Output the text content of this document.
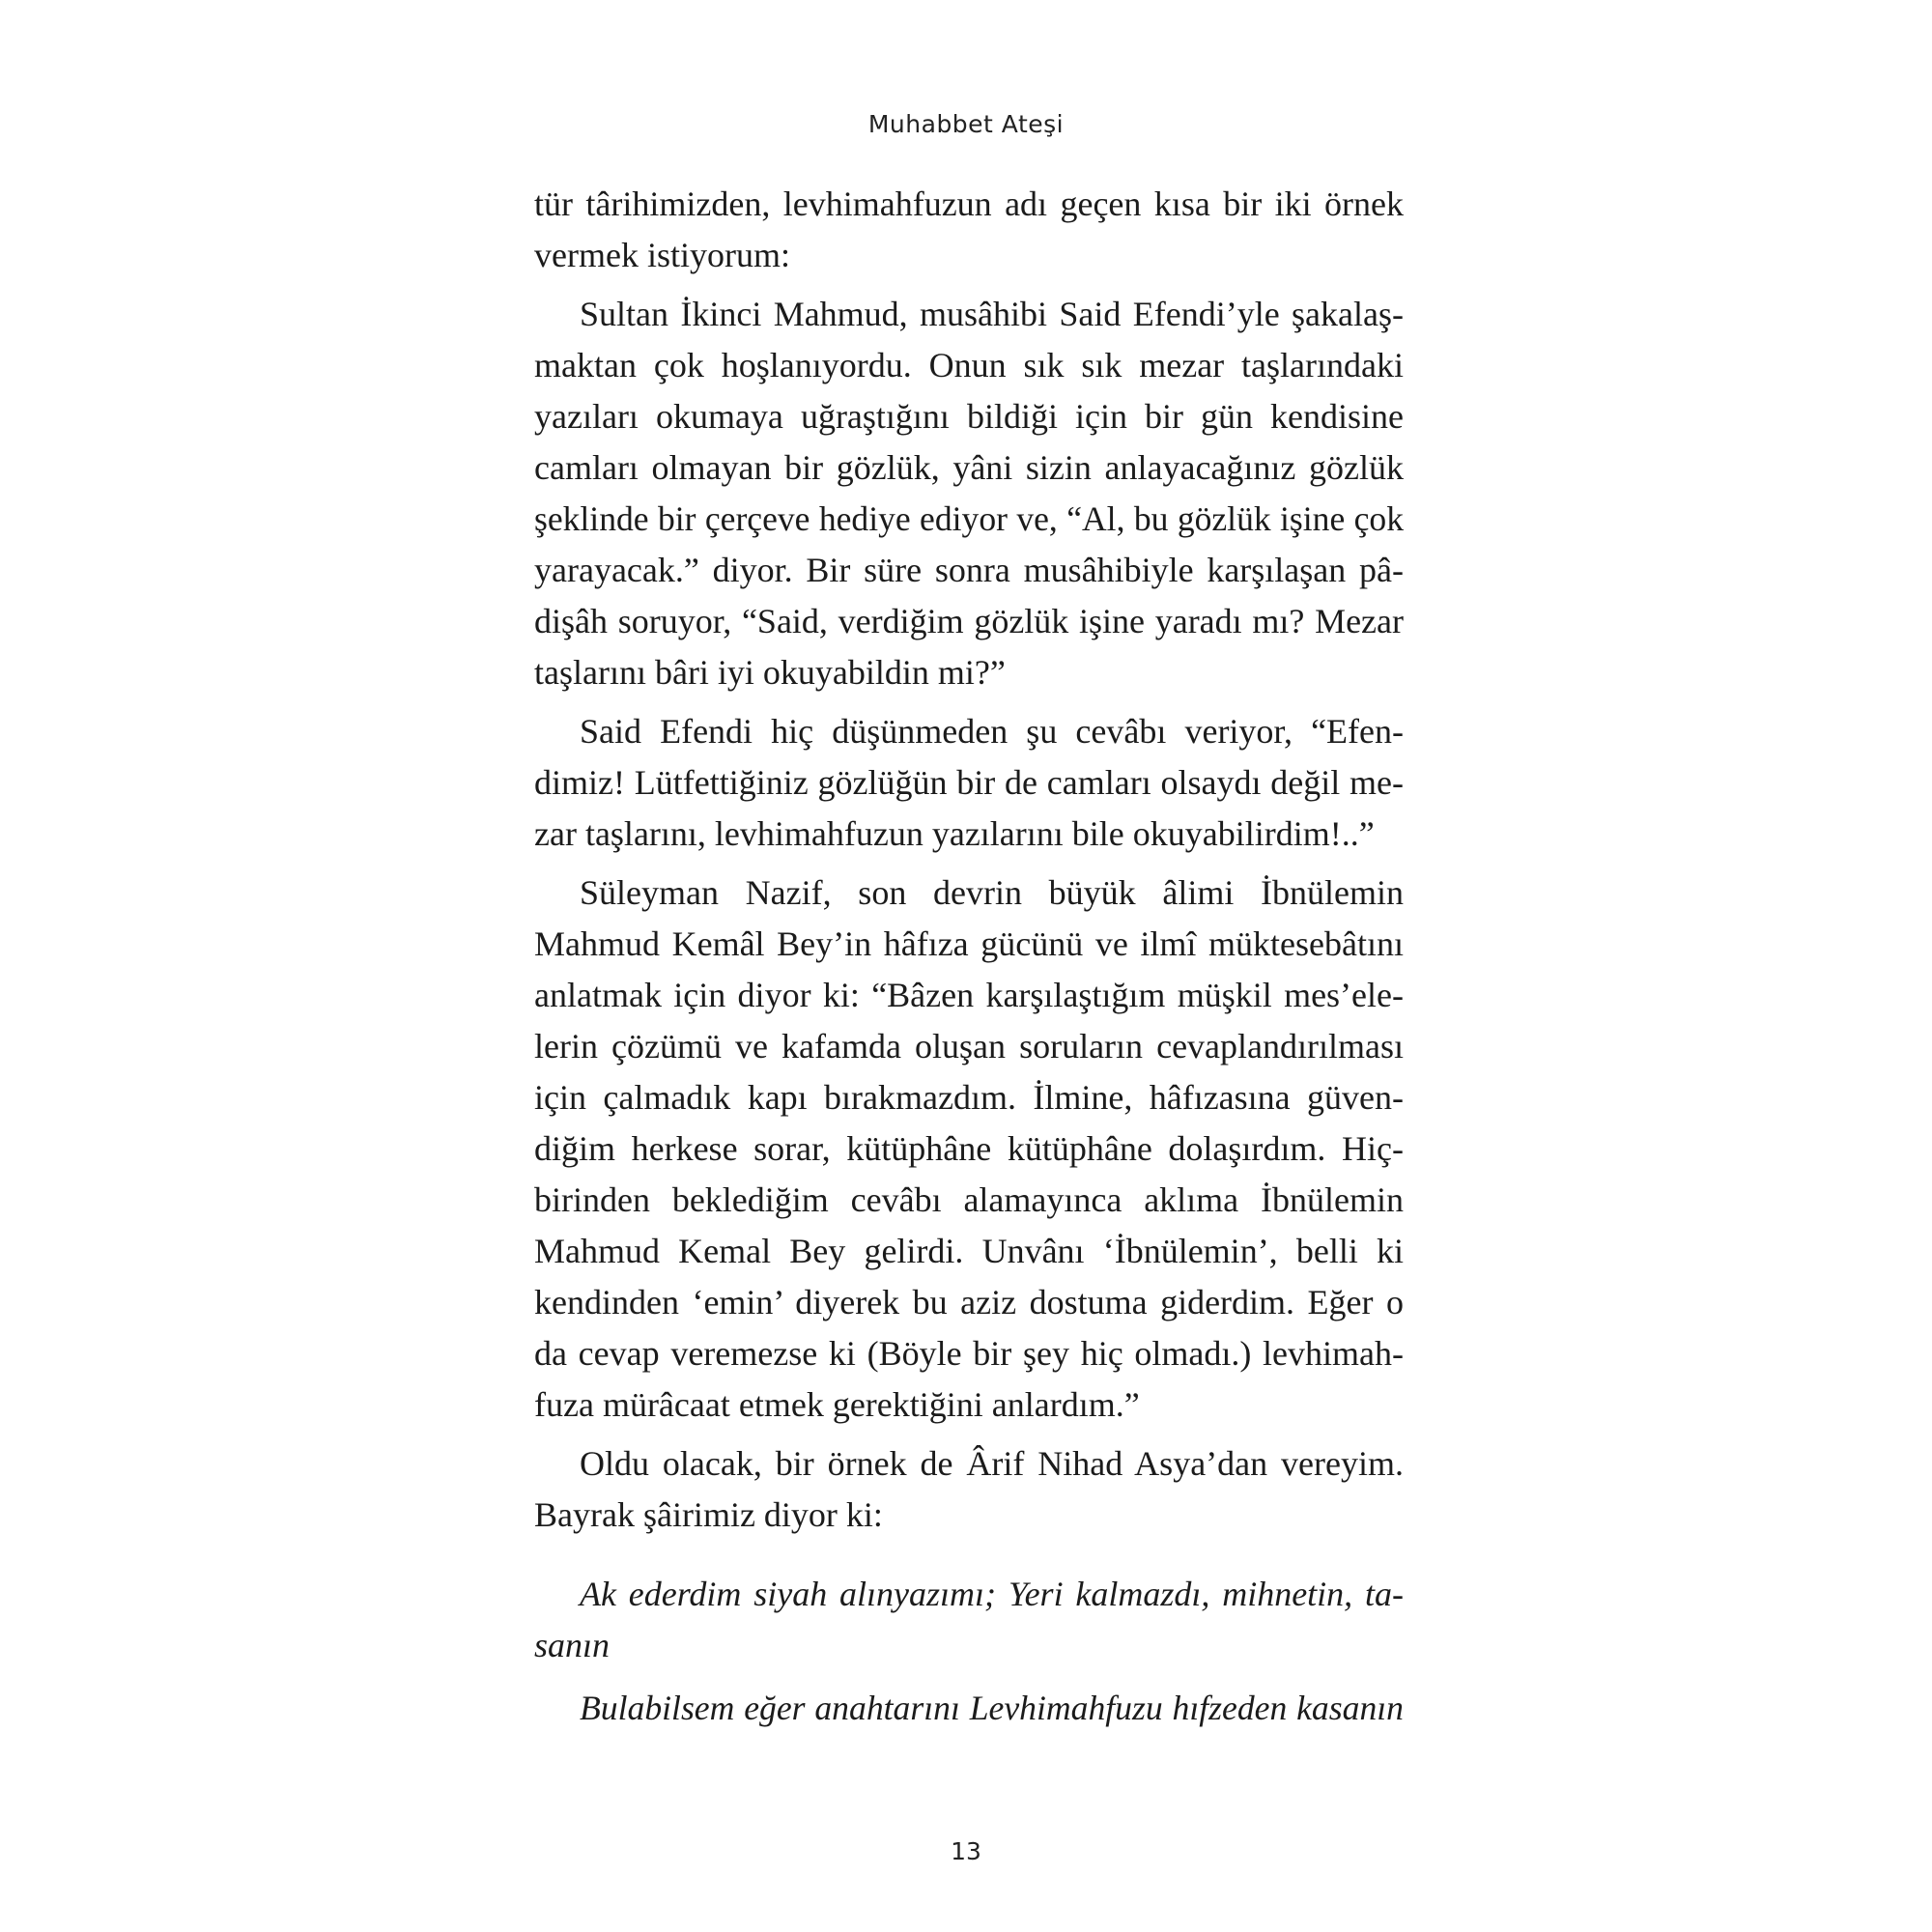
Muhabbet Ateşi
tür târihimizden, levhimahfuzun adı geçen kısa bir iki örnek
vermek istiyorum:
Sultan İkinci Mahmud, musâhibi Said Efendi’yle şakalaş-
maktan çok hoşlanıyordu. Onun sık sık mezar taşlarındaki
yazıları okumaya uğraştığını bildiği için bir gün kendisine
camları olmayan bir gözlük, yâni sizin anlayacağınız gözlük
şeklinde bir çerçeve hediye ediyor ve, “Al, bu gözlük işine çok
yarayacak.” diyor. Bir süre sonra musâhibiyle karşılaşan pâ-
dişâh soruyor, “Said, verdiğim gözlük işine yaradı mı? Mezar
taşlarını bâri iyi okuyabildin mi?”
Said Efendi hiç düşünmeden şu cevâbı veriyor, “Efen-
dimiz! Lütfettiğiniz gözlüğün bir de camları olsaydı değil me-
zar taşlarını, levhimahfuzun yazılarını bile okuyabilirdim!..”
Süleyman Nazif, son devrin büyük âlimi İbnülemin
Mahmud Kemâl Bey’in hâfıza gücünü ve ilmî müktesebâtını
anlatmak için diyor ki: “Bâzen karşılaştığım müşkil mes’ele-
lerin çözümü ve kafamda oluşan soruların cevaplandırılması
için çalmadık kapı bırakmazdım. İlmine, hâfızasına güven-
diğim herkese sorar, kütüphâne kütüphâne dolaşırdım. Hiç-
birinden beklediğim cevâbı alamayınca aklıma İbnülemin
Mahmud Kemal Bey gelirdi. Unvânı ‘İbnülemin’, belli ki
kendinden ‘emin’ diyerek bu aziz dostuma giderdim. Eğer o
da cevap veremezse ki (Böyle bir şey hiç olmadı.) levhimah-
fuza mürâcaat etmek gerektiğini anlardım.”
Oldu olacak, bir örnek de Ârif Nihad Asya’dan vereyim.
Bayrak şâirimiz diyor ki:
Ak ederdim siyah alınyazımı; Yeri kalmazdı, mihnetin, ta-
sanın
Bulabilsem eğer anahtarını Levhimahfuzu hıfzeden kasanın
13
